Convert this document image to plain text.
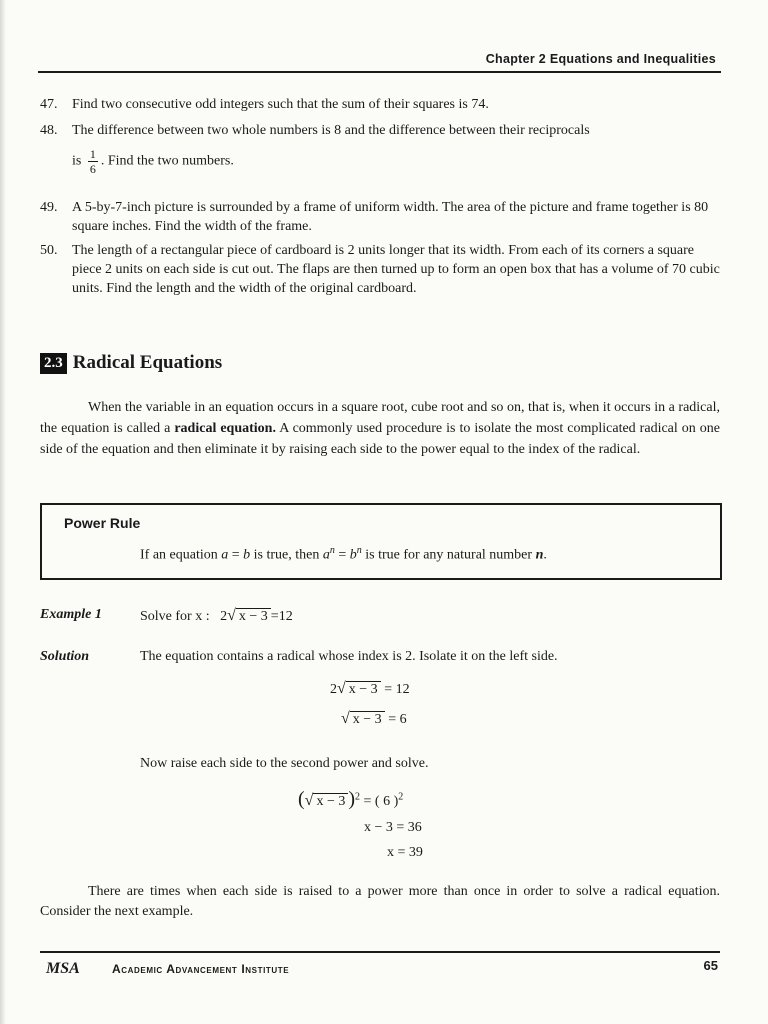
Chapter 2 Equations and Inequalities
47. Find two consecutive odd integers such that the sum of their squares is 74.
48. The difference between two whole numbers is 8 and the difference between their reciprocals
is $\frac{1}{6}$ . Find the two numbers.
49. A 5-by-7-inch picture is surrounded by a frame of uniform width. The area of the picture and frame together is 80 square inches. Find the width of the frame.
50. The length of a rectangular piece of cardboard is 2 units longer that its width. From each of its corners a square piece 2 units on each side is cut out. The flaps are then turned up to form an open box that has a volume of 70 cubic units. Find the length and the width of the original cardboard.
2.3 Radical Equations
When the variable in an equation occurs in a square root, cube root and so on, that is, when it occurs in a radical, the equation is called a radical equation. A commonly used procedure is to isolate the most complicated radical on one side of the equation and then eliminate it by raising each side to the power equal to the index of the radical.
Power Rule
If an equation a = b is true, then $a^n = b^n$ is true for any natural number n.
Example 1	Solve for x : 2√ x − 3 =12
Solution	The equation contains a radical whose index is 2. Isolate it on the left side.
2√ x − 3 = 12
√ x − 3 = 6
Now raise each side to the second power and solve.
(√ x − 3 )$^2$ = ( 6 )$^2$
x − 3 = 36
x = 39
There are times when each side is raised to a power more than once in order to solve a radical equation. Consider the next example.
MSA	Academic Advancement Institute	65
